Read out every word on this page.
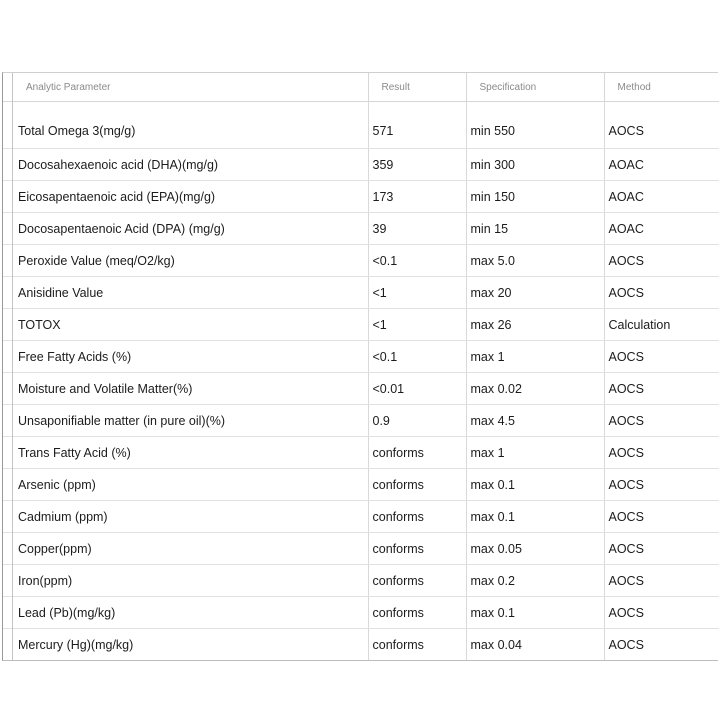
Analytic Parameter	Result	Specification	Method
Total Omega 3(mg/g)	571	min 550	AOCS
Docosahexaenoic acid (DHA)(mg/g)	359	min 300	AOAC
Eicosapentaenoic acid (EPA)(mg/g)	173	min 150	AOAC
Docosapentaenoic Acid (DPA) (mg/g)	39	min 15	AOAC
Peroxide Value (meq/O2/kg)	<0.1	max 5.0	AOCS
Anisidine Value	<1	max 20	AOCS
TOTOX	<1	max 26	Calculation
Free Fatty Acids (%)	<0.1	max 1	AOCS
Moisture and Volatile Matter(%)	<0.01	max 0.02	AOCS
Unsaponifiable matter (in pure oil)(%)	0.9	max 4.5	AOCS
Trans Fatty Acid (%)	conforms	max 1	AOCS
Arsenic (ppm)	conforms	max 0.1	AOCS
Cadmium (ppm)	conforms	max 0.1	AOCS
Copper(ppm)	conforms	max 0.05	AOCS
Iron(ppm)	conforms	max 0.2	AOCS
Lead (Pb)(mg/kg)	conforms	max 0.1	AOCS
Mercury (Hg)(mg/kg)	conforms	max 0.04	AOCS
